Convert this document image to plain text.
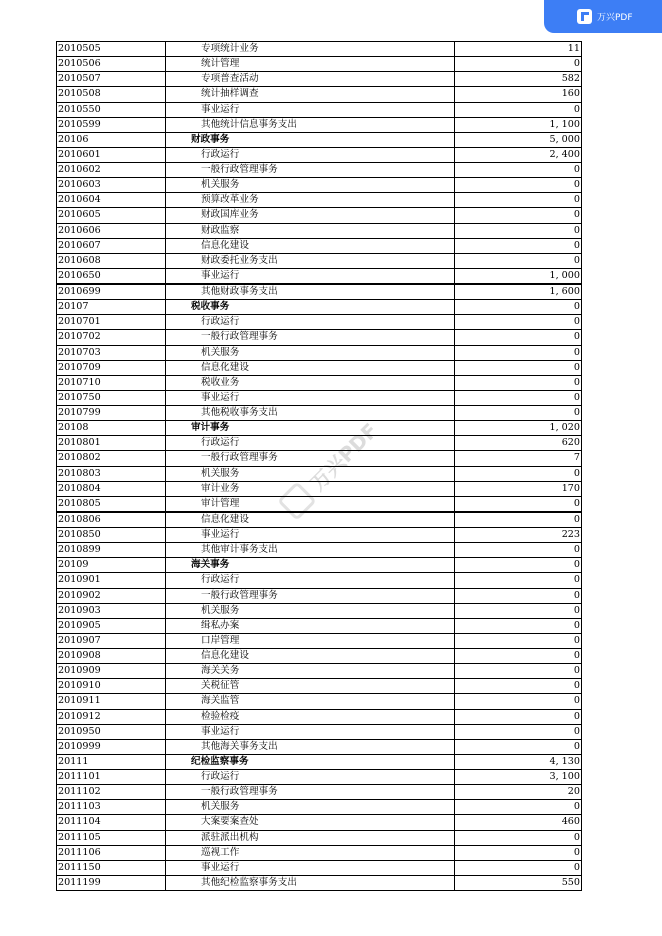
万兴PDF
万兴PDF
2010505	专项统计业务	11
2010506	统计管理	0
2010507	专项普查活动	582
2010508	统计抽样调查	160
2010550	事业运行	0
2010599	其他统计信息事务支出	1, 100
20106	财政事务	5, 000
2010601	行政运行	2, 400
2010602	一般行政管理事务	0
2010603	机关服务	0
2010604	预算改革业务	0
2010605	财政国库业务	0
2010606	财政监察	0
2010607	信息化建设	0
2010608	财政委托业务支出	0
2010650	事业运行	1, 000
2010699	其他财政事务支出	1, 600
20107	税收事务	0
2010701	行政运行	0
2010702	一般行政管理事务	0
2010703	机关服务	0
2010709	信息化建设	0
2010710	税收业务	0
2010750	事业运行	0
2010799	其他税收事务支出	0
20108	审计事务	1, 020
2010801	行政运行	620
2010802	一般行政管理事务	7
2010803	机关服务	0
2010804	审计业务	170
2010805	审计管理	0
2010806	信息化建设	0
2010850	事业运行	223
2010899	其他审计事务支出	0
20109	海关事务	0
2010901	行政运行	0
2010902	一般行政管理事务	0
2010903	机关服务	0
2010905	缉私办案	0
2010907	口岸管理	0
2010908	信息化建设	0
2010909	海关关务	0
2010910	关税征管	0
2010911	海关监管	0
2010912	检验检疫	0
2010950	事业运行	0
2010999	其他海关事务支出	0
20111	纪检监察事务	4, 130
2011101	行政运行	3, 100
2011102	一般行政管理事务	20
2011103	机关服务	0
2011104	大案要案查处	460
2011105	派驻派出机构	0
2011106	巡视工作	0
2011150	事业运行	0
2011199	其他纪检监察事务支出	550
